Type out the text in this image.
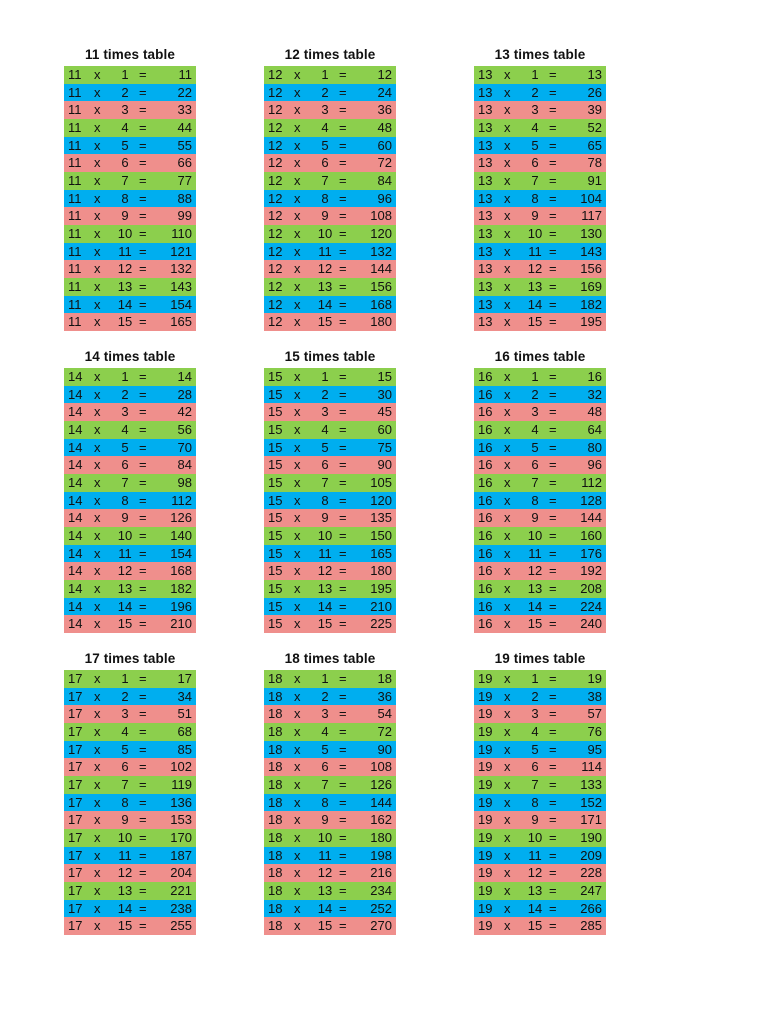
11 times table
11 x	1 = 11
11 x	2 = 22
11 x	3 = 33
11 x	4 = 44
11 x	5 = 55
11 x	6 = 66
11 x	7 = 77
11 x	8 = 88
11 x	9 = 99
11 x 10 = 110
11 x	11 = 121
11 x 12 = 132
11 x 13 = 143
11 x 14 = 154
11 x 15 = 165
12 times table
12 x	1 = 12
12 x	2 = 24
12 x	3 = 36
12 x	4 = 48
12 x	5 = 60
12 x	6 = 72
12 x	7 = 84
12 x	8 = 96
12 x	9 = 108
12 x 10 = 120
12 x	11 = 132
12 x 12 = 144
12 x 13 = 156
12 x 14 = 168
12 x 15 = 180
13 times table
13 x	1 = 13
13 x	2 = 26
13 x	3 = 39
13 x	4 = 52
13 x	5 = 65
13 x	6 = 78
13 x	7 = 91
13 x	8 = 104
13 x	9 = 117
13 x 10 = 130
13 x	11 = 143
13 x 12 = 156
13 x 13 = 169
13 x 14 = 182
13 x 15 = 195
14 times table
14 x	1 = 14
14 x	2 = 28
14 x	3 = 42
14 x	4 = 56
14 x	5 = 70
14 x	6 = 84
14 x	7 = 98
14 x	8 = 112
14 x	9 = 126
14 x 10 = 140
14 x	11 = 154
14 x 12 = 168
14 x 13 = 182
14 x 14 = 196
14 x 15 = 210
15 times table
15 x	1 = 15
15 x	2 = 30
15 x	3 = 45
15 x	4 = 60
15 x	5 = 75
15 x	6 = 90
15 x	7 = 105
15 x	8 = 120
15 x	9 = 135
15 x 10 = 150
15 x	11 = 165
15 x 12 = 180
15 x 13 = 195
15 x 14 = 210
15 x 15 = 225
16 times table
16 x	1 = 16
16 x	2 = 32
16 x	3 = 48
16 x	4 = 64
16 x	5 = 80
16 x	6 = 96
16 x	7 = 112
16 x	8 = 128
16 x	9 = 144
16 x 10 = 160
16 x	11 = 176
16 x 12 = 192
16 x 13 = 208
16 x 14 = 224
16 x 15 = 240
17 times table
17 x	1 = 17
17 x	2 = 34
17 x	3 = 51
17 x	4 = 68
17 x	5 = 85
17 x	6 = 102
17 x	7 = 119
17 x	8 = 136
17 x	9 = 153
17 x 10 = 170
17 x	11 = 187
17 x 12 = 204
17 x 13 = 221
17 x 14 = 238
17 x 15 = 255
18 times table
18 x	1 = 18
18 x	2 = 36
18 x	3 = 54
18 x	4 = 72
18 x	5 = 90
18 x	6 = 108
18 x	7 = 126
18 x	8 = 144
18 x	9 = 162
18 x 10 = 180
18 x	11 = 198
18 x 12 = 216
18 x 13 = 234
18 x 14 = 252
18 x 15 = 270
19 times table
19 x	1 = 19
19 x	2 = 38
19 x	3 = 57
19 x	4 = 76
19 x	5 = 95
19 x	6 = 114
19 x	7 = 133
19 x	8 = 152
19 x	9 = 171
19 x 10 = 190
19 x	11 = 209
19 x 12 = 228
19 x 13 = 247
19 x 14 = 266
19 x 15 = 285
